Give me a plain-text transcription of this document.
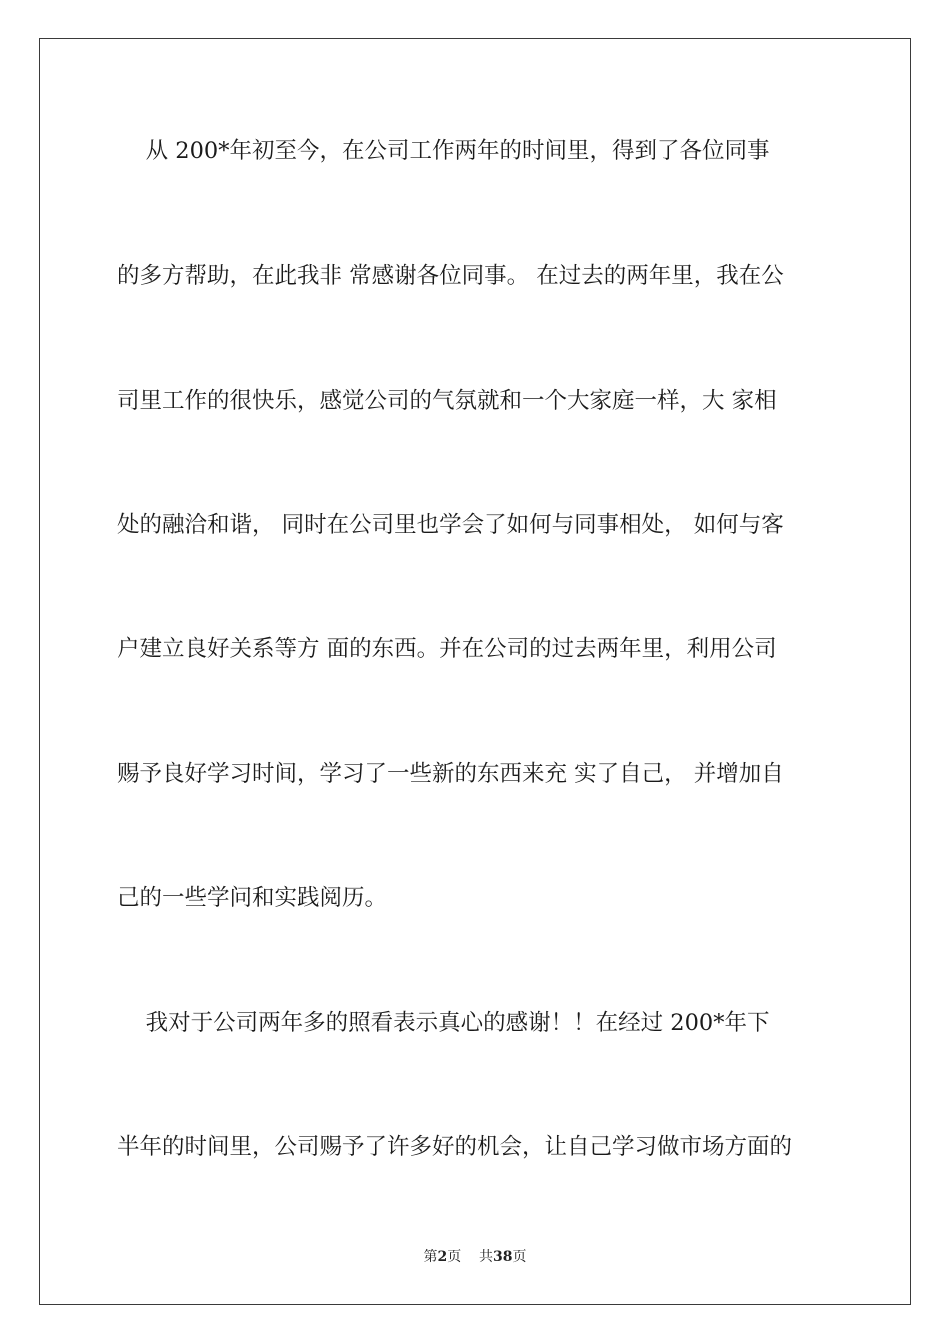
从 200*年初至今，在公司工作两年的时间里，得到了各位同事
的多方帮助，在此我非 常感谢各位同事。 在过去的两年里，我在公
司里工作的很快乐，感觉公司的气氛就和一个大家庭一样，大 家相
处的融洽和谐， 同时在公司里也学会了如何与同事相处， 如何与客
户建立良好关系等方 面的东西。并在公司的过去两年里，利用公司
赐予良好学习时间，学习了一些新的东西来充 实了自己， 并增加自
己的一些学问和实践阅历。
我对于公司两年多的照看表示真心的感谢！！在经过 200*年下
半年的时间里，公司赐予了许多好的机会，让自己学习做市场方面的
第2页 共38页
